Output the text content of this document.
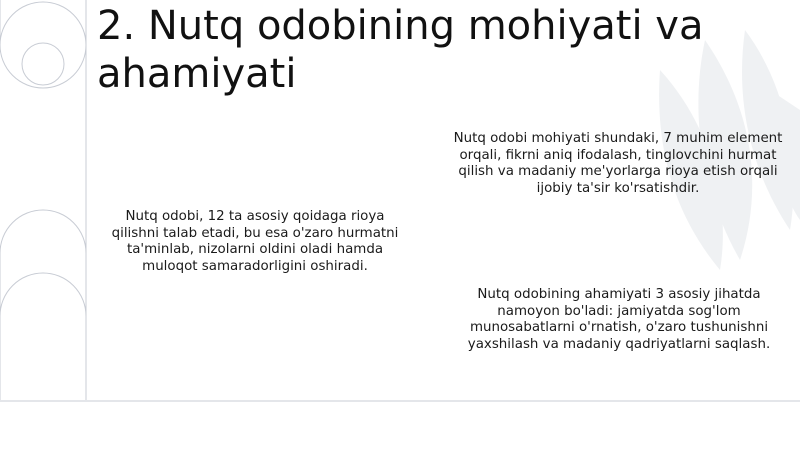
2. Nutq odobining mohiyati va ahamiyati

Nutq odobi, 12 ta asosiy qoidaga rioya qilishni talab etadi, bu esa o'zaro hurmatni ta'minlab, nizolarni oldini oladi hamda muloqot samaradorligini oshiradi.

Nutq odobi mohiyati shundaki, 7 muhim element orqali, fikrni aniq ifodalash, tinglovchini hurmat qilish va madaniy me'yorlarga rioya etish orqali ijobiy ta'sir ko'rsatishdir.

Nutq odobining ahamiyati 3 asosiy jihatda namoyon bo'ladi: jamiyatda sog'lom munosabatlarni o'rnatish, o'zaro tushunishni yaxshilash va madaniy qadriyatlarni saqlash.
